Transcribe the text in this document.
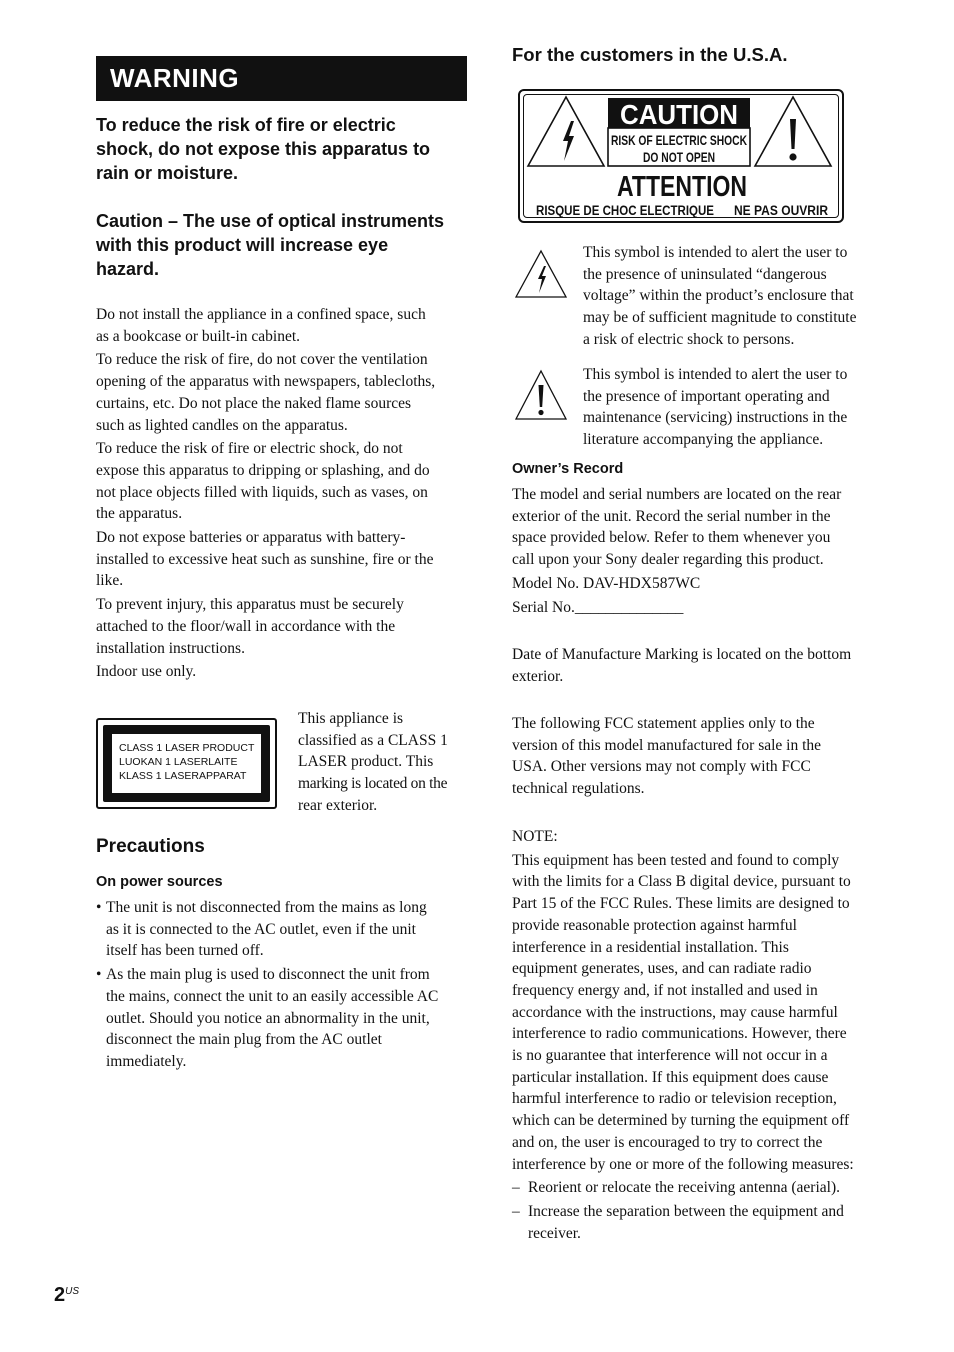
WARNING

To reduce the risk of fire or electric

shock, do not expose this apparatus to

rain or moisture.

Caution – The use of optical instruments

with this product will increase eye

hazard.

Do not install the appliance in a confined space, such

as a bookcase or built-in cabinet.

To reduce the risk of fire, do not cover the ventilation

opening of the apparatus with newspapers, tablecloths,

curtains, etc. Do not place the naked flame sources

such as lighted candles on the apparatus.

To reduce the risk of fire or electric shock, do not

expose this apparatus to dripping or splashing, and do

not place objects filled with liquids, such as vases, on

the apparatus.

Do not expose batteries or apparatus with battery-

installed to excessive heat such as sunshine, fire or the

like.

To prevent injury, this apparatus must be securely

attached to the floor/wall in accordance with the

installation instructions.

Indoor use only.

CLASS 1 LASER PRODUCT
LUOKAN 1 LASERLAITE
KLASS 1 LASERAPPARAT

This appliance is

classified as a CLASS 1

LASER product. This

marking is located on the

rear exterior.

Precautions

On power sources

• The unit is not disconnected from the mains as long

as it is connected to the AC outlet, even if the unit

itself has been turned off.

• As the main plug is used to disconnect the unit from

the mains, connect the unit to an easily accessible AC

outlet. Should you notice an abnormality in the unit,

disconnect the main plug from the AC outlet

immediately.

For the customers in the U.S.A.

CAUTION
RISK OF ELECTRIC SHOCK
DO NOT OPEN
ATTENTION
RISQUE DE CHOC ELECTRIQUE NE PAS OUVRIR

This symbol is intended to alert the user to

the presence of uninsulated “dangerous

voltage” within the product’s enclosure that

may be of sufficient magnitude to constitute

a risk of electric shock to persons.

This symbol is intended to alert the user to

the presence of important operating and

maintenance (servicing) instructions in the

literature accompanying the appliance.

Owner’s Record

The model and serial numbers are located on the rear

exterior of the unit. Record the serial number in the

space provided below. Refer to them whenever you

call upon your Sony dealer regarding this product.

Model No. DAV-HDX587WC

Serial No.______________

Date of Manufacture Marking is located on the bottom

exterior.

The following FCC statement applies only to the

version of this model manufactured for sale in the

USA. Other versions may not comply with FCC

technical regulations.

NOTE:

This equipment has been tested and found to comply

with the limits for a Class B digital device, pursuant to

Part 15 of the FCC Rules. These limits are designed to

provide reasonable protection against harmful

interference in a residential installation. This

equipment generates, uses, and can radiate radio

frequency energy and, if not installed and used in

accordance with the instructions, may cause harmful

interference to radio communications. However, there

is no guarantee that interference will not occur in a

particular installation. If this equipment does cause

harmful interference to radio or television reception,

which can be determined by turning the equipment off

and on, the user is encouraged to try to correct the

interference by one or more of the following measures:

– Reorient or relocate the receiving antenna (aerial).

– Increase the separation between the equipment and

receiver.

$2^{US}$
